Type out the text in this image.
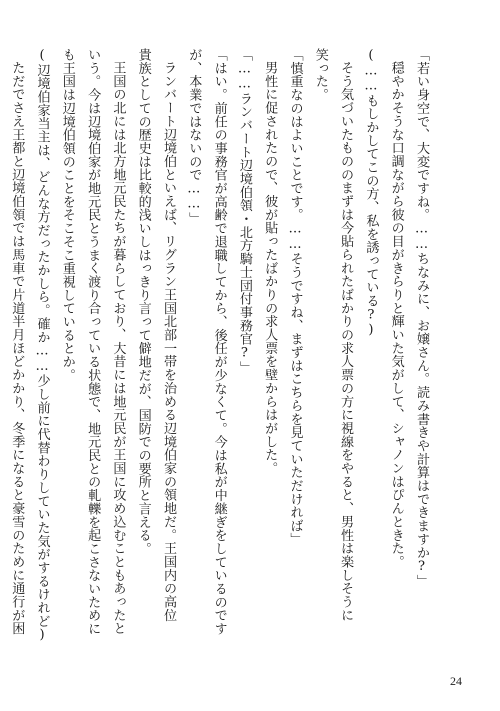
「若い身空で、大変ですね。……ちなみに、お嬢さん。読み書きや計算はできますか?」
穏やかそうな口調ながら彼の目がきらりと輝いた気がして、シャノンはぴんときた。
(……もしかしてこの方、私を誘っている?)
そう気づいたもののまずは今貼られたばかりの求人票の方に視線をやると、男性は楽しそうに
笑った。
「慎重なのはよいことです。……そうですね、まずはこちらを見ていただければ」
男性に促されたので、彼が貼ったばかりの求人票を壁からはがした。
「……ランバート辺境伯領・北方騎士団付事務官?」
「はい。前任の事務官が高齢で退職してから、後任が少なくて。今は私が中継ぎをしているのです
が、本業ではないので……」
ランバート辺境伯といえば、リグラン王国北部一帯を治める辺境伯家の領地だ。王国内の高位
貴族としての歴史は比較的浅いしはっきり言って僻地だが、国防での要所と言える。
王国の北には北方地元民たちが暮らしており、大昔には地元民が王国に攻め込むこともあったと
いう。今は辺境伯家が地元民とうまく渡り合っている状態で、地元民との軋轢を起こさないために
も王国は辺境伯領のことをそこそこ重視しているとか。
(辺境伯家当主は、どんな方だったかしら。確か……少し前に代替わりしていた気がするけれど)
ただでさえ王都と辺境伯領では馬車で片道半月ほどかかり、冬季になると豪雪のために通行が困
24
